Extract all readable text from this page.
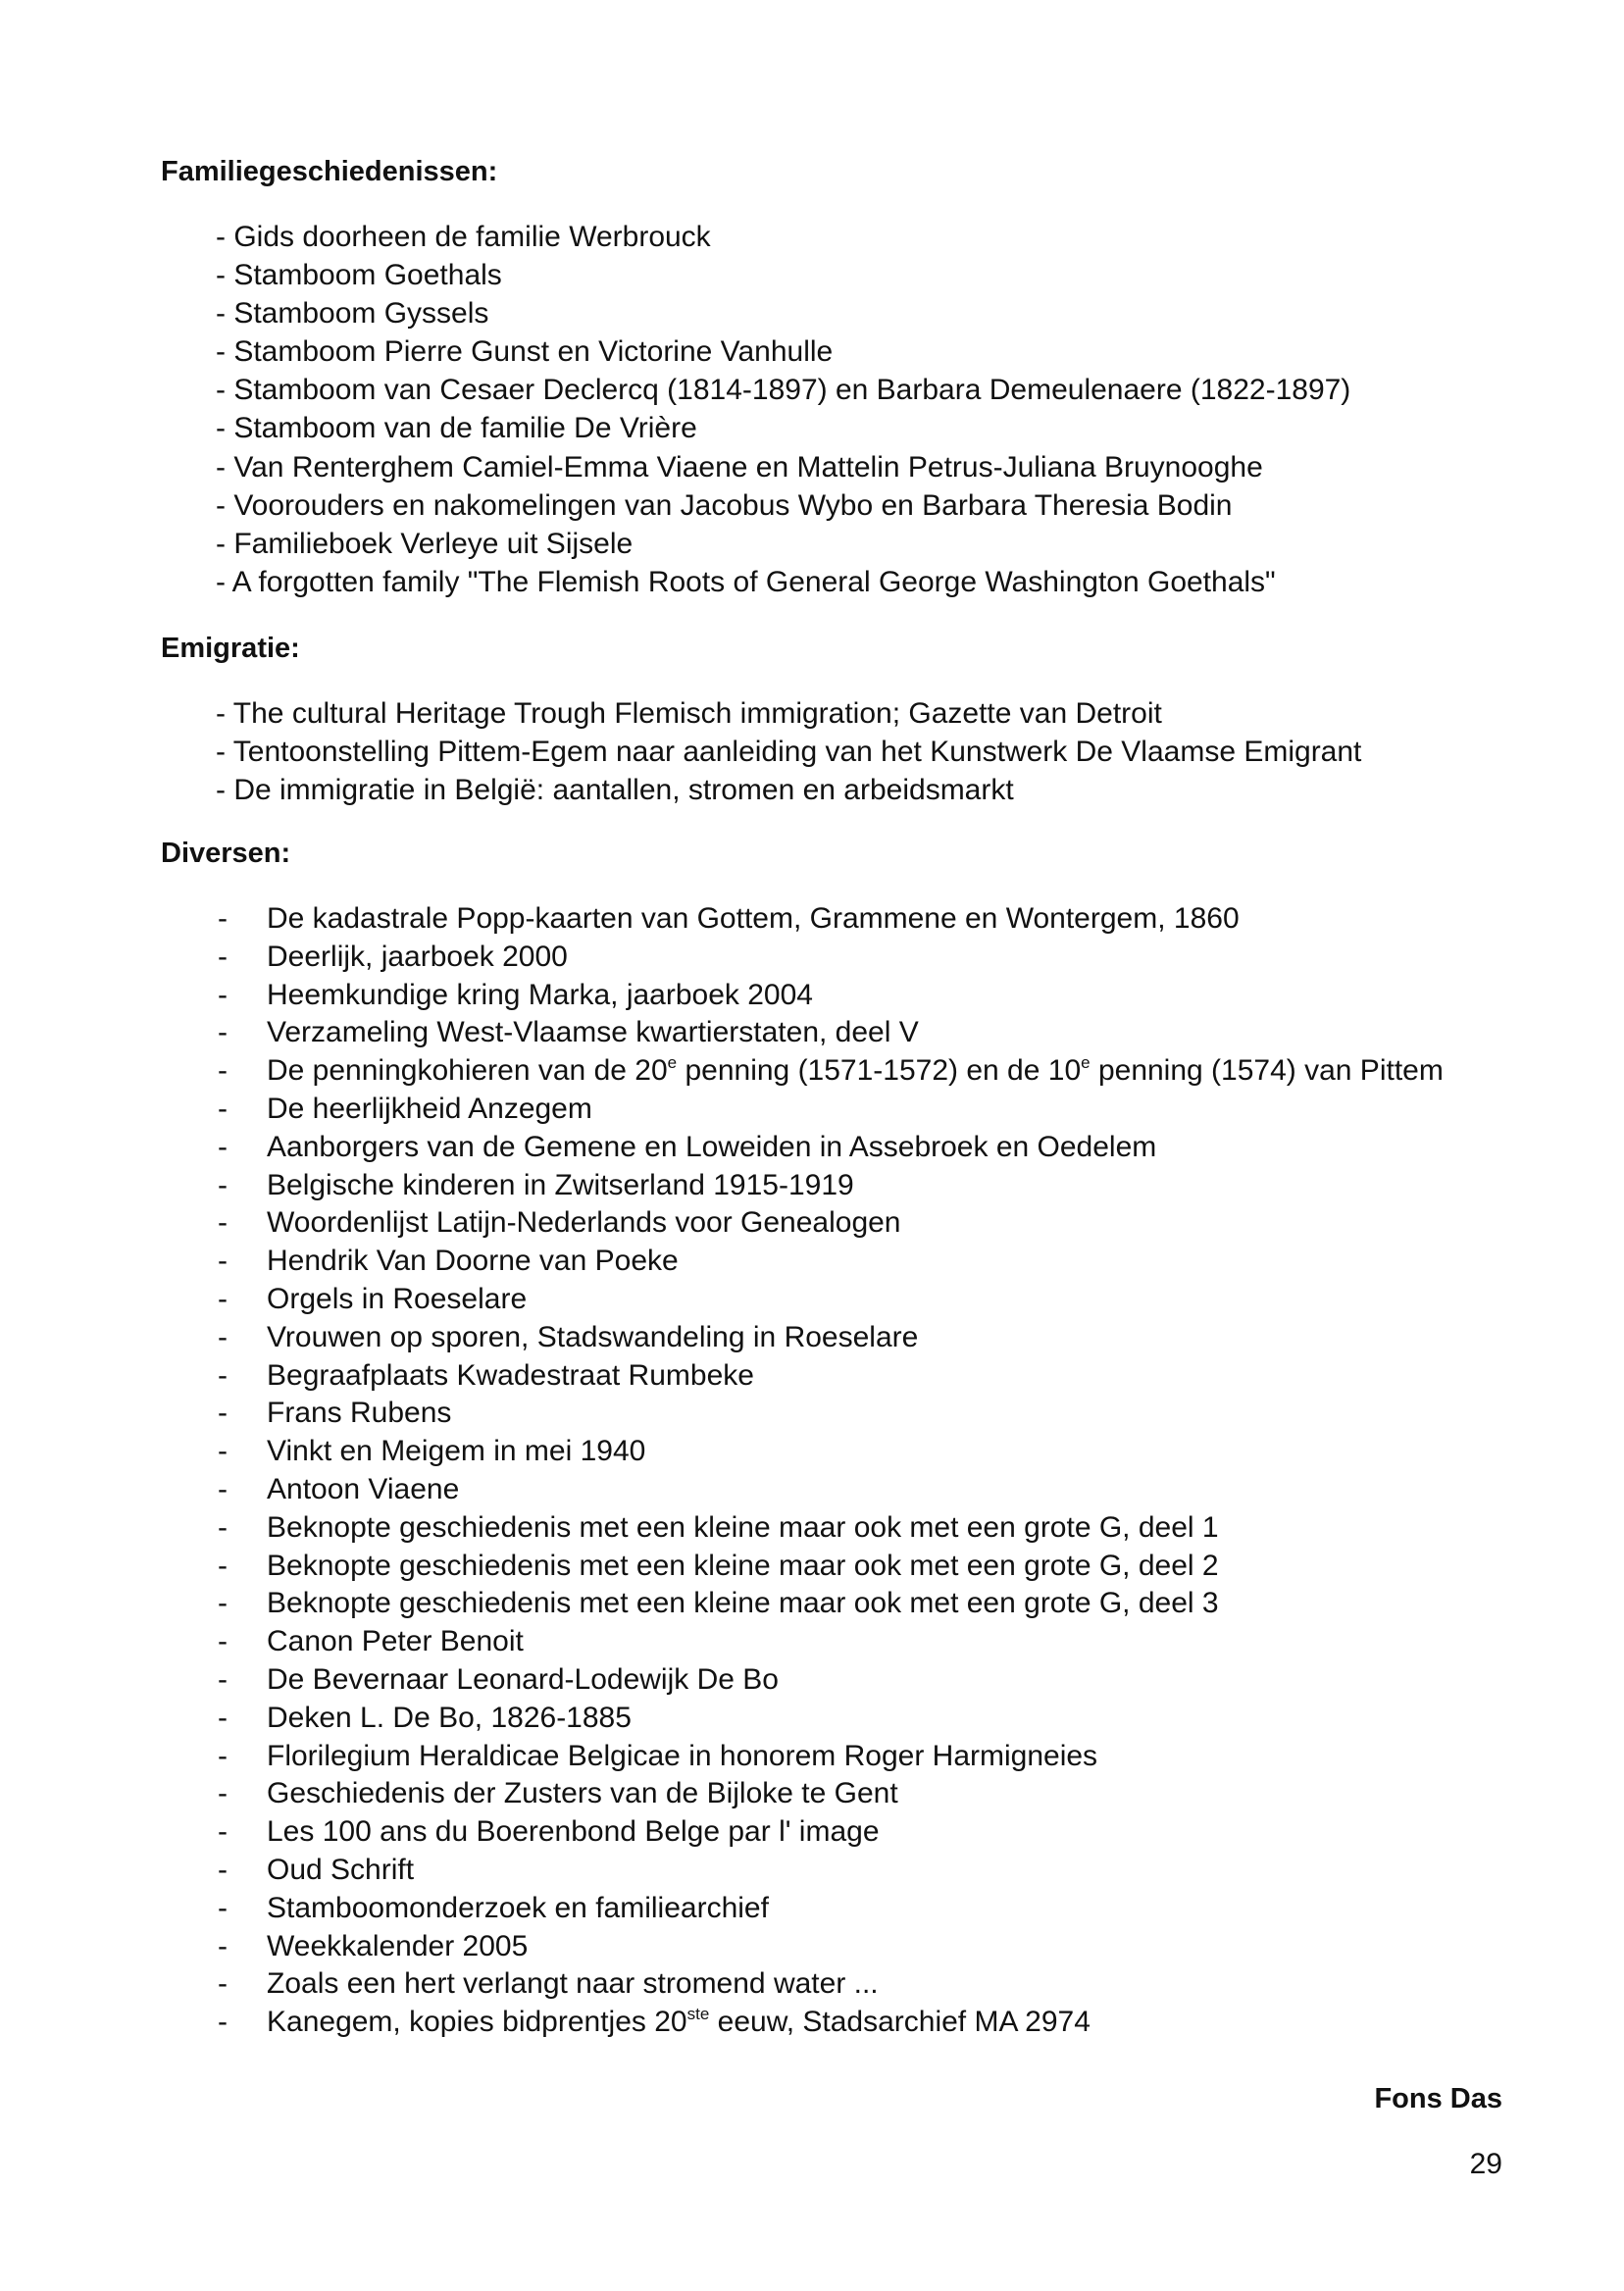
Familiegeschiedenissen:
- Gids doorheen de familie Werbrouck
- Stamboom Goethals
- Stamboom Gyssels
- Stamboom Pierre Gunst en Victorine Vanhulle
- Stamboom van Cesaer Declercq (1814-1897) en Barbara Demeulenaere (1822-1897)
- Stamboom van de familie De Vrière
- Van Renterghem Camiel-Emma Viaene en Mattelin Petrus-Juliana Bruynooghe
- Voorouders en nakomelingen van Jacobus Wybo en Barbara Theresia Bodin
- Familieboek Verleye uit Sijsele
- A forgotten family "The Flemish Roots of General George Washington Goethals"
Emigratie:
- The cultural Heritage Trough Flemisch immigration; Gazette van Detroit
- Tentoonstelling Pittem-Egem naar aanleiding van het Kunstwerk De Vlaamse Emigrant
- De immigratie in België: aantallen, stromen en arbeidsmarkt
Diversen:
- De kadastrale Popp-kaarten van Gottem, Grammene en Wontergem, 1860
- Deerlijk, jaarboek 2000
- Heemkundige kring Marka, jaarboek 2004
- Verzameling West-Vlaamse kwartierstaten, deel V
- De penningkohieren van de 20e penning (1571-1572) en de 10e penning (1574) van Pittem
- De heerlijkheid Anzegem
- Aanborgers van de Gemene en Loweiden in Assebroek en Oedelem
- Belgische kinderen in Zwitserland 1915-1919
- Woordenlijst Latijn-Nederlands voor Genealogen
- Hendrik Van Doorne van Poeke
- Orgels in Roeselare
- Vrouwen op sporen, Stadswandeling in Roeselare
- Begraafplaats Kwadestraat Rumbeke
- Frans Rubens
- Vinkt en Meigem in mei 1940
- Antoon Viaene
- Beknopte geschiedenis met een kleine maar ook met een grote G, deel 1
- Beknopte geschiedenis met een kleine maar ook met een grote G, deel 2
- Beknopte geschiedenis met een kleine maar ook met een grote G, deel 3
- Canon Peter Benoit
- De Bevernaar Leonard-Lodewijk De Bo
- Deken L. De Bo, 1826-1885
- Florilegium Heraldicae Belgicae in honorem Roger Harmigneies
- Geschiedenis der Zusters van de Bijloke te Gent
- Les 100 ans du Boerenbond Belge par l' image
- Oud Schrift
- Stamboomonderzoek en familiearchief
- Weekkalender 2005
- Zoals een hert verlangt naar stromend water ...
- Kanegem, kopies bidprentjes 20ste eeuw, Stadsarchief MA 2974
Fons Das
29
